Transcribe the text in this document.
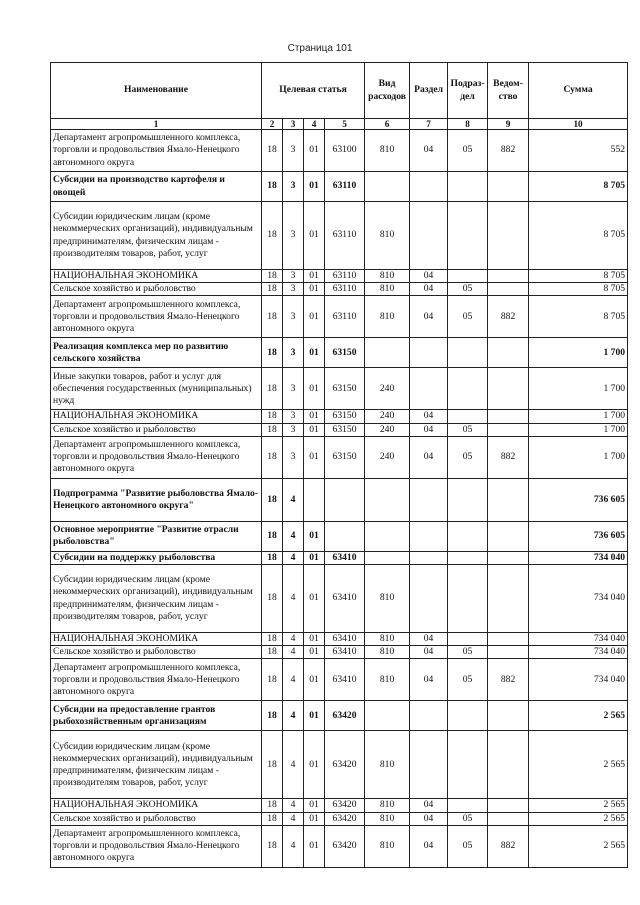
Страница 101
Наименование	Целевая статья				Вид расходов	Раздел	Подраз-дел	Ведом-ство	Сумма
1	2	3	4	5	6	7	8	9	10
Департамент агропромышленного комплекса, торговли и продовольствия Ямало-Ненецкого автономного округа	18	3	01	63100	810	04	05	882	552
Субсидии на производство картофеля и овощей	18	3	01	63110					8 705
Субсидии юридическим лицам (кроме некоммерческих организаций), индивидуальным предпринимателям, физическим лицам - производителям товаров, работ, услуг	18	3	01	63110	810				8 705
НАЦИОНАЛЬНАЯ ЭКОНОМИКА	18	3	01	63110	810	04			8 705
Сельское хозяйство и рыболовство	18	3	01	63110	810	04	05		8 705
Департамент агропромышленного комплекса, торговли и продовольствия Ямало-Ненецкого автономного округа	18	3	01	63110	810	04	05	882	8 705
Реализация комплекса мер по развитию сельского хозяйства	18	3	01	63150					1 700
Иные закупки товаров, работ и услуг для обеспечения государственных (муниципальных) нужд	18	3	01	63150	240				1 700
НАЦИОНАЛЬНАЯ ЭКОНОМИКА	18	3	01	63150	240	04			1 700
Сельское хозяйство и рыболовство	18	3	01	63150	240	04	05		1 700
Департамент агропромышленного комплекса, торговли и продовольствия Ямало-Ненецкого автономного округа	18	3	01	63150	240	04	05	882	1 700
Подпрограмма "Развитие рыболовства Ямало-Ненецкого автономного округа"	18	4							736 605
Основное мероприятие "Развитие отрасли рыболовства"	18	4	01						736 605
Субсидии на поддержку рыболовства	18	4	01	63410					734 040
Субсидии юридическим лицам (кроме некоммерческих организаций), индивидуальным предпринимателям, физическим лицам - производителям товаров, работ, услуг	18	4	01	63410	810				734 040
НАЦИОНАЛЬНАЯ ЭКОНОМИКА	18	4	01	63410	810	04			734 040
Сельское хозяйство и рыболовство	18	4	01	63410	810	04	05		734 040
Департамент агропромышленного комплекса, торговли и продовольствия Ямало-Ненецкого автономного округа	18	4	01	63410	810	04	05	882	734 040
Субсидии на предоставление грантов рыбохозяйственным организациям	18	4	01	63420					2 565
Субсидии юридическим лицам (кроме некоммерческих организаций), индивидуальным предпринимателям, физическим лицам - производителям товаров, работ, услуг	18	4	01	63420	810				2 565
НАЦИОНАЛЬНАЯ ЭКОНОМИКА	18	4	01	63420	810	04			2 565
Сельское хозяйство и рыболовство	18	4	01	63420	810	04	05		2 565
Департамент агропромышленного комплекса, торговли и продовольствия Ямало-Ненецкого автономного округа	18	4	01	63420	810	04	05	882	2 565
